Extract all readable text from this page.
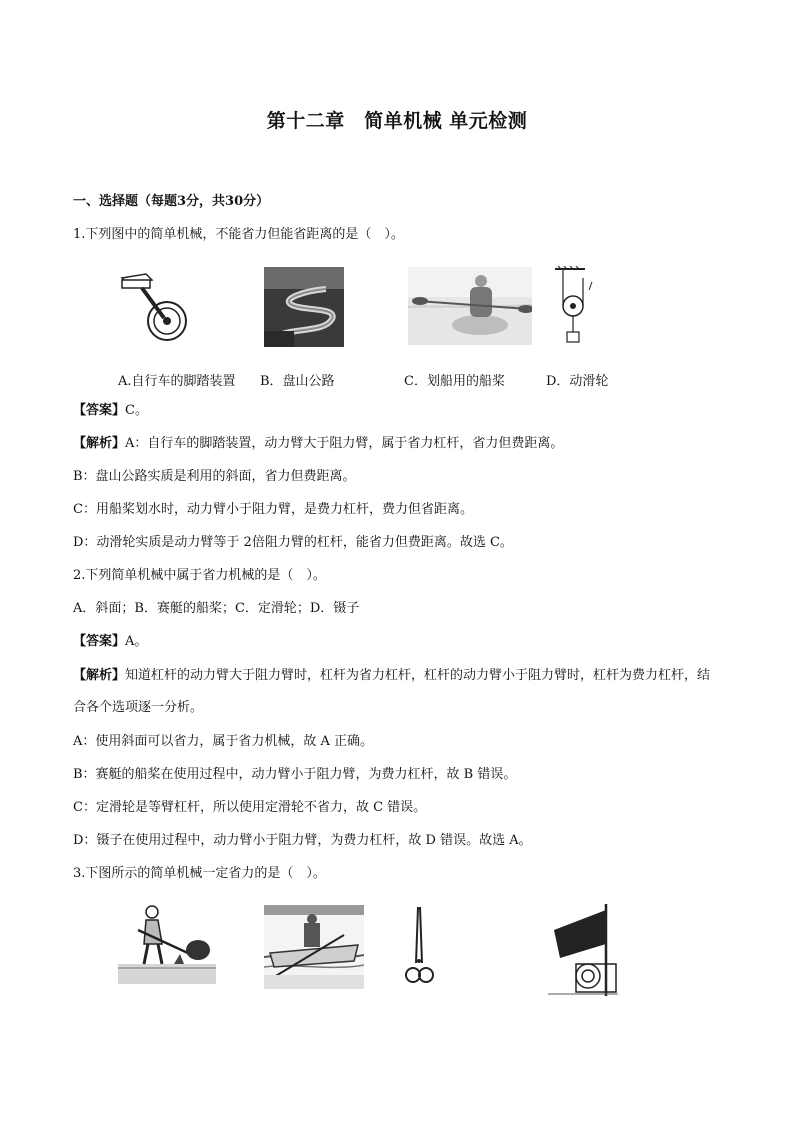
第十二章　简单机械 单元检测
一、选择题（每题3分，共30分）
1.下列图中的简单机械，不能省力但能省距离的是（　）。
A.自行车的脚踏装置 B．盘山公路	C．划船用的船桨	D．动滑轮
【答案】C。
【解析】A：自行车的脚踏装置，动力臂大于阻力臂，属于省力杠杆，省力但费距离。
B：盘山公路实质是利用的斜面，省力但费距离。
C：用船桨划水时，动力臂小于阻力臂，是费力杠杆，费力但省距离。
D：动滑轮实质是动力臂等于 2倍阻力臂的杠杆，能省力但费距离。故选 C。
2.下列简单机械中属于省力机械的是（　）。
A．斜面；B．赛艇的船桨；C．定滑轮；D．镊子
【答案】A。
【解析】知道杠杆的动力臂大于阻力臂时，杠杆为省力杠杆，杠杆的动力臂小于阻力臂时，杠杆为费力杠杆，结合各个选项逐一分析。
A：使用斜面可以省力，属于省力机械，故 A 正确。
B：赛艇的船桨在使用过程中，动力臂小于阻力臂，为费力杠杆，故 B 错误。
C：定滑轮是等臂杠杆，所以使用定滑轮不省力，故 C 错误。
D：镊子在使用过程中，动力臂小于阻力臂，为费力杠杆，故 D 错误。故选 A。
3.下图所示的简单机械一定省力的是（　）。
